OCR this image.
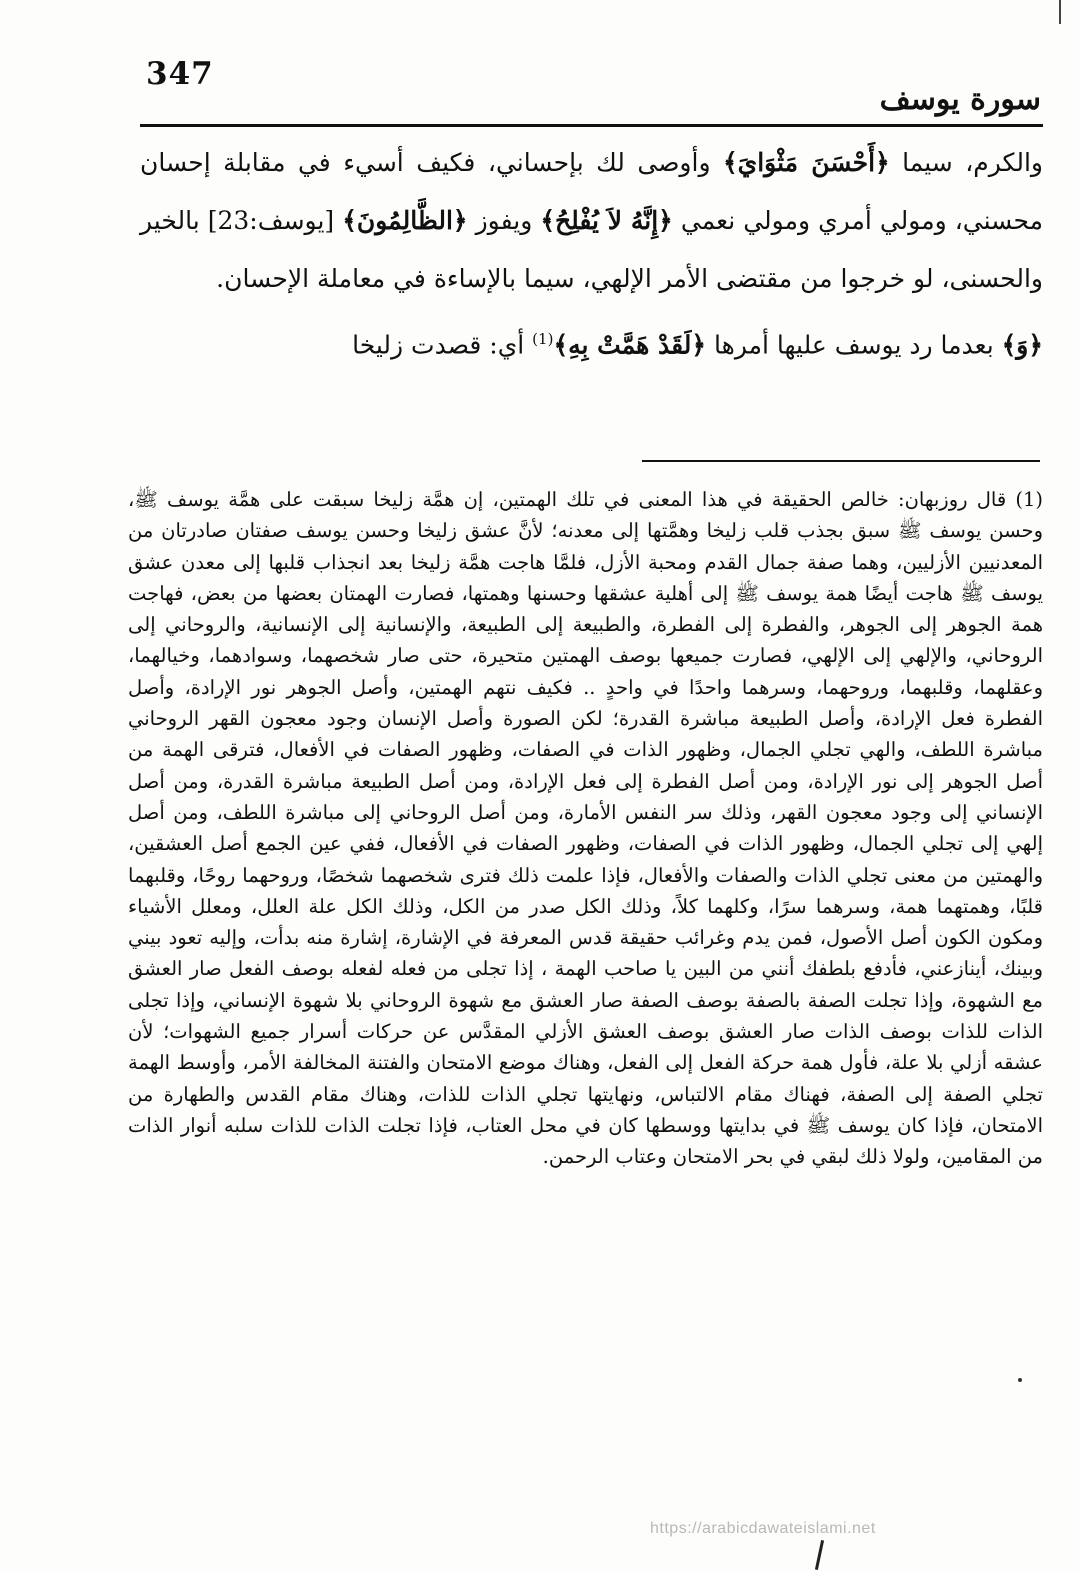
347
سورة يوسف

والكرم، سيما ﴿أَحْسَنَ مَثْوَايَ﴾ وأوصى لك بإحساني، فكيف أسيء في مقابلة إحسان محسني، ومولي أمري ومولي نعمي ﴿إِنَّهُ لاَ يُفْلِحُ﴾ ويفوز ﴿الظَّالِمُونَ﴾ [يوسف:23] بالخير والحسنى، لو خرجوا من مقتضى الأمر الإلهي، سيما بالإساءة في معاملة الإحسان.

﴿وَ﴾ بعدما رد يوسف عليها أمرها ﴿لَقَدْ هَمَّتْ بِهِ﴾$^{(1)}$ أي: قصدت زليخا

(1) قال روزبهان: خالص الحقيقة في هذا المعنى في تلك الهمتين، إن همَّة زليخا سبقت على همَّة يوسف ﷺ، وحسن يوسف ﷺ سبق بجذب قلب زليخا وهمَّتها إلى معدنه؛ لأنَّ عشق زليخا وحسن يوسف صفتان صادرتان من المعدنيين الأزليين، وهما صفة جمال القدم ومحبة الأزل، فلمَّا هاجت همَّة زليخا بعد انجذاب قلبها إلى معدن عشق يوسف ﷺ هاجت أيضًا همة يوسف ﷺ إلى أهلية عشقها وحسنها وهمتها، فصارت الهمتان بعضها من بعض، فهاجت همة الجوهر إلى الجوهر، والفطرة إلى الفطرة، والطبيعة إلى الطبيعة، والإنسانية إلى الإنسانية، والروحاني إلى الروحاني، والإلهي إلى الإلهي، فصارت جميعها بوصف الهمتين متحيرة، حتى صار شخصهما، وسوادهما، وخيالهما، وعقلهما، وقلبهما، وروحهما، وسرهما واحدًا في واحدٍ .. فكيف نتهم الهمتين، وأصل الجوهر نور الإرادة، وأصل الفطرة فعل الإرادة، وأصل الطبيعة مباشرة القدرة؛ لكن الصورة وأصل الإنسان وجود معجون القهر الروحاني مباشرة اللطف، والهي تجلي الجمال، وظهور الذات في الصفات، وظهور الصفات في الأفعال، فترقى الهمة من أصل الجوهر إلى نور الإرادة، ومن أصل الفطرة إلى فعل الإرادة، ومن أصل الطبيعة مباشرة القدرة، ومن أصل الإنساني إلى وجود معجون القهر، وذلك سر النفس الأمارة، ومن أصل الروحاني إلى مباشرة اللطف، ومن أصل إلهي إلى تجلي الجمال، وظهور الذات في الصفات، وظهور الصفات في الأفعال، ففي عين الجمع أصل العشقين، والهمتين من معنى تجلي الذات والصفات والأفعال، فإذا علمت ذلك فترى شخصهما شخصًا، وروحهما روحًا، وقلبهما قلبًا، وهمتهما همة، وسرهما سرًا، وكلهما كلاً، وذلك الكل صدر من الكل، وذلك الكل علة العلل، ومعلل الأشياء ومكون الكون أصل الأصول، فمن يدم وغرائب حقيقة قدس المعرفة في الإشارة، إشارة منه بدأت، وإليه تعود بيني وبينك، أينازعني، فأدفع بلطفك أنني من البين يا صاحب الهمة ، إذا تجلى من فعله لفعله بوصف الفعل صار العشق مع الشهوة، وإذا تجلت الصفة بالصفة بوصف الصفة صار العشق مع شهوة الروحاني بلا شهوة الإنساني، وإذا تجلى الذات للذات بوصف الذات صار العشق بوصف العشق الأزلي المقدَّس عن حركات أسرار جميع الشهوات؛ لأن عشقه أزلي بلا علة، فأول همة حركة الفعل إلى الفعل، وهناك موضع الامتحان والفتنة المخالفة الأمر، وأوسط الهمة تجلي الصفة إلى الصفة، فهناك مقام الالتباس، ونهايتها تجلي الذات للذات، وهناك مقام القدس والطهارة من الامتحان، فإذا كان يوسف ﷺ في بدايتها ووسطها كان في محل العتاب، فإذا تجلت الذات للذات سلبه أنوار الذات من المقامين، ولولا ذلك لبقي في بحر الامتحان وعتاب الرحمن.

https://arabicdawateislami.net
